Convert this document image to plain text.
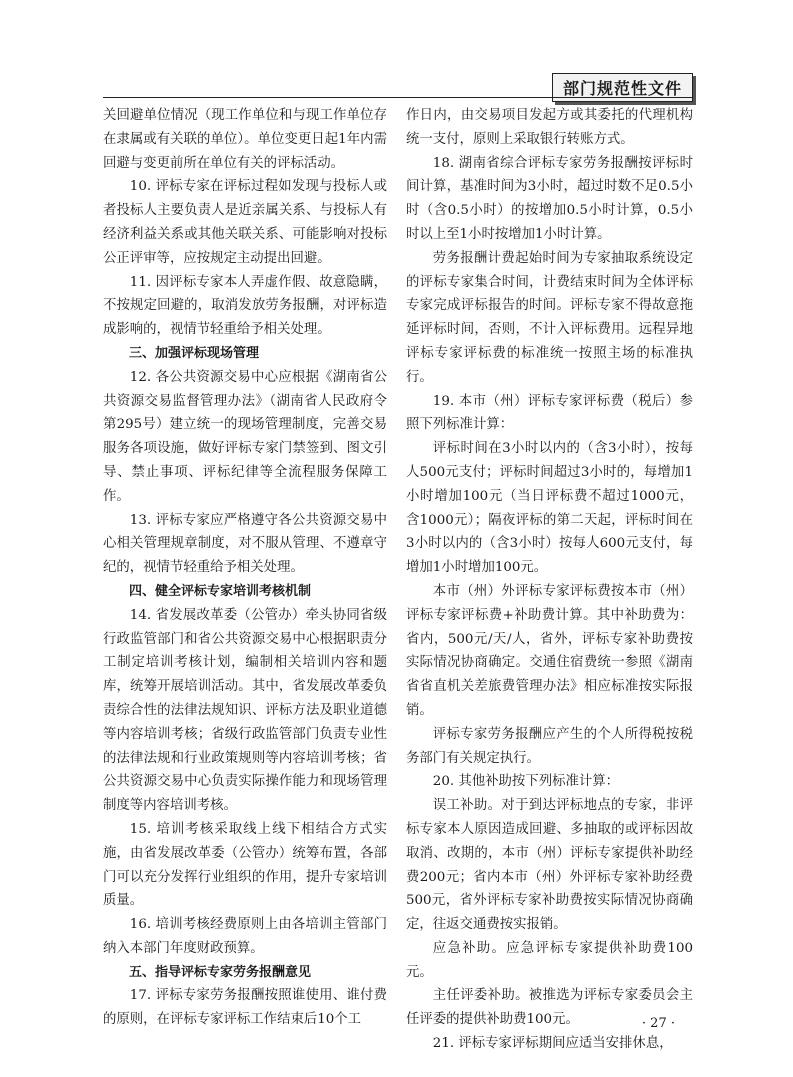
部门规范性文件

关回避单位情况（现工作单位和与现工作单位存在隶属或有关联的单位）。单位变更日起1年内需回避与变更前所在单位有关的评标活动。

10. 评标专家在评标过程如发现与投标人或者投标人主要负责人是近亲属关系、与投标人有经济利益关系或其他关联关系、可能影响对投标公正评审等，应按规定主动提出回避。

11. 因评标专家本人弄虚作假、故意隐瞒，不按规定回避的，取消发放劳务报酬，对评标造成影响的，视情节轻重给予相关处理。

三、加强评标现场管理

12. 各公共资源交易中心应根据《湖南省公共资源交易监督管理办法》（湖南省人民政府令第295号）建立统一的现场管理制度，完善交易服务各项设施，做好评标专家门禁签到、图文引导、禁止事项、评标纪律等全流程服务保障工作。

13. 评标专家应严格遵守各公共资源交易中心相关管理规章制度，对不服从管理、不遵章守纪的，视情节轻重给予相关处理。

四、健全评标专家培训考核机制

14. 省发展改革委（公管办）牵头协同省级行政监管部门和省公共资源交易中心根据职责分工制定培训考核计划，编制相关培训内容和题库，统筹开展培训活动。其中，省发展改革委负责综合性的法律法规知识、评标方法及职业道德等内容培训考核；省级行政监管部门负责专业性的法律法规和行业政策规则等内容培训考核；省公共资源交易中心负责实际操作能力和现场管理制度等内容培训考核。

15. 培训考核采取线上线下相结合方式实施，由省发展改革委（公管办）统筹布置，各部门可以充分发挥行业组织的作用，提升专家培训质量。

16. 培训考核经费原则上由各培训主管部门纳入本部门年度财政预算。

五、指导评标专家劳务报酬意见

17. 评标专家劳务报酬按照谁使用、谁付费的原则，在评标专家评标工作结束后10个工

作日内，由交易项目发起方或其委托的代理机构统一支付，原则上采取银行转账方式。

18. 湖南省综合评标专家劳务报酬按评标时间计算，基准时间为3小时，超过时数不足0.5小时（含0.5小时）的按增加0.5小时计算，0.5小时以上至1小时按增加1小时计算。

劳务报酬计费起始时间为专家抽取系统设定的评标专家集合时间，计费结束时间为全体评标专家完成评标报告的时间。评标专家不得故意拖延评标时间，否则，不计入评标费用。远程异地评标专家评标费的标准统一按照主场的标准执行。

19. 本市（州）评标专家评标费（税后）参照下列标准计算：

评标时间在3小时以内的（含3小时），按每人500元支付；评标时间超过3小时的，每增加1小时增加100元（当日评标费不超过1000元，含1000元）；隔夜评标的第二天起，评标时间在3小时以内的（含3小时）按每人600元支付，每增加1小时增加100元。

本市（州）外评标专家评标费按本市（州）评标专家评标费+补助费计算。其中补助费为：省内，500元/天/人，省外，评标专家补助费按实际情况协商确定。交通住宿费统一参照《湖南省省直机关差旅费管理办法》相应标准按实际报销。

评标专家劳务报酬应产生的个人所得税按税务部门有关规定执行。

20. 其他补助按下列标准计算：

误工补助。对于到达评标地点的专家，非评标专家本人原因造成回避、多抽取的或评标因故取消、改期的，本市（州）评标专家提供补助经费200元；省内本市（州）外评标专家补助经费500元，省外评标专家补助费按实际情况协商确定，往返交通费按实报销。

应急补助。应急评标专家提供补助费100元。

主任评委补助。被推选为评标专家委员会主任评委的提供补助费100元。

21. 评标专家评标期间应适当安排休息，

· 27 ·
